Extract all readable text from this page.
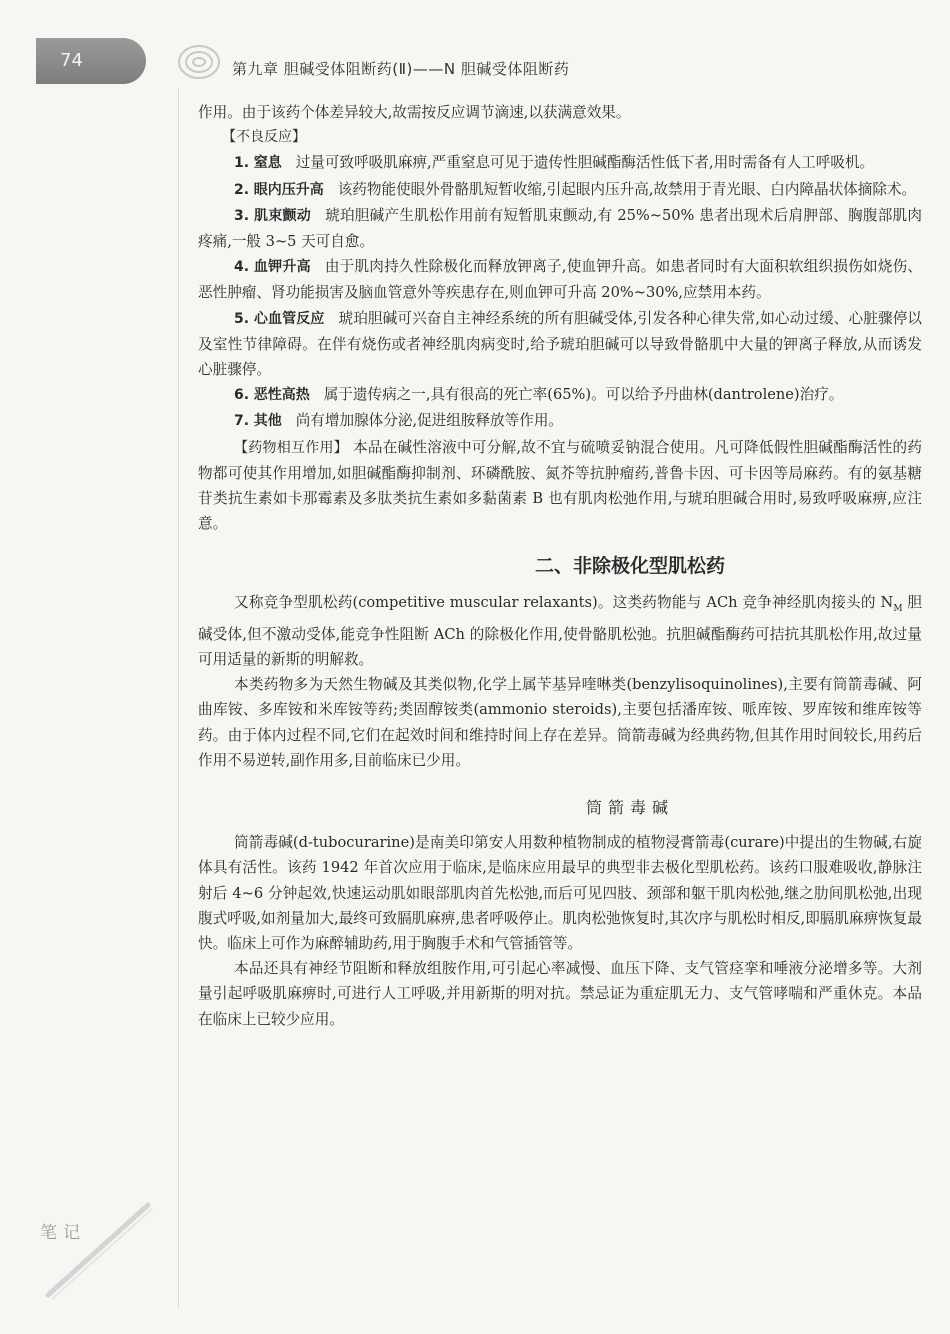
74	第九章 胆碱受体阻断药(Ⅱ)——N 胆碱受体阻断药

作用。由于该药个体差异较大,故需按反应调节滴速,以获满意效果。

【不良反应】

1. 窒息 过量可致呼吸肌麻痹,严重窒息可见于遗传性胆碱酯酶活性低下者,用时需备有人工呼吸机。

2. 眼内压升高 该药物能使眼外骨骼肌短暂收缩,引起眼内压升高,故禁用于青光眼、白内障晶状体摘除术。

3. 肌束颤动 琥珀胆碱产生肌松作用前有短暂肌束颤动,有 25%~50% 患者出现术后肩胛部、胸腹部肌肉疼痛,一般 3~5 天可自愈。

4. 血钾升高 由于肌肉持久性除极化而释放钾离子,使血钾升高。如患者同时有大面积软组织损伤如烧伤、恶性肿瘤、肾功能损害及脑血管意外等疾患存在,则血钾可升高 20%~30%,应禁用本药。

5. 心血管反应 琥珀胆碱可兴奋自主神经系统的所有胆碱受体,引发各种心律失常,如心动过缓、心脏骤停以及室性节律障碍。在伴有烧伤或者神经肌肉病变时,给予琥珀胆碱可以导致骨骼肌中大量的钾离子释放,从而诱发心脏骤停。

6. 恶性高热 属于遗传病之一,具有很高的死亡率(65%)。可以给予丹曲林(dantrolene)治疗。

7. 其他 尚有增加腺体分泌,促进组胺释放等作用。

【药物相互作用】 本品在碱性溶液中可分解,故不宜与硫喷妥钠混合使用。凡可降低假性胆碱酯酶活性的药物都可使其作用增加,如胆碱酯酶抑制剂、环磷酰胺、氮芥等抗肿瘤药,普鲁卡因、可卡因等局麻药。有的氨基糖苷类抗生素如卡那霉素及多肽类抗生素如多黏菌素 B 也有肌肉松弛作用,与琥珀胆碱合用时,易致呼吸麻痹,应注意。

二、非除极化型肌松药

又称竞争型肌松药(competitive muscular relaxants)。这类药物能与 ACh 竞争神经肌肉接头的 $N_M$ 胆碱受体,但不激动受体,能竞争性阻断 ACh 的除极化作用,使骨骼肌松弛。抗胆碱酯酶药可拮抗其肌松作用,故过量可用适量的新斯的明解救。

本类药物多为天然生物碱及其类似物,化学上属苄基异喹啉类(benzylisoquinolines),主要有筒箭毒碱、阿曲库铵、多库铵和米库铵等药;类固醇铵类(ammonio steroids),主要包括潘库铵、哌库铵、罗库铵和维库铵等药。由于体内过程不同,它们在起效时间和维持时间上存在差异。筒箭毒碱为经典药物,但其作用时间较长,用药后作用不易逆转,副作用多,目前临床已少用。

筒箭毒碱

筒箭毒碱(d-tubocurarine)是南美印第安人用数种植物制成的植物浸膏箭毒(curare)中提出的生物碱,右旋体具有活性。该药 1942 年首次应用于临床,是临床应用最早的典型非去极化型肌松药。该药口服难吸收,静脉注射后 4~6 分钟起效,快速运动肌如眼部肌肉首先松弛,而后可见四肢、颈部和躯干肌肉松弛,继之肋间肌松弛,出现腹式呼吸,如剂量加大,最终可致膈肌麻痹,患者呼吸停止。肌肉松弛恢复时,其次序与肌松时相反,即膈肌麻痹恢复最快。临床上可作为麻醉辅助药,用于胸腹手术和气管插管等。

本品还具有神经节阻断和释放组胺作用,可引起心率减慢、血压下降、支气管痉挛和唾液分泌增多等。大剂量引起呼吸肌麻痹时,可进行人工呼吸,并用新斯的明对抗。禁忌证为重症肌无力、支气管哮喘和严重休克。本品在临床上已较少应用。

笔记
